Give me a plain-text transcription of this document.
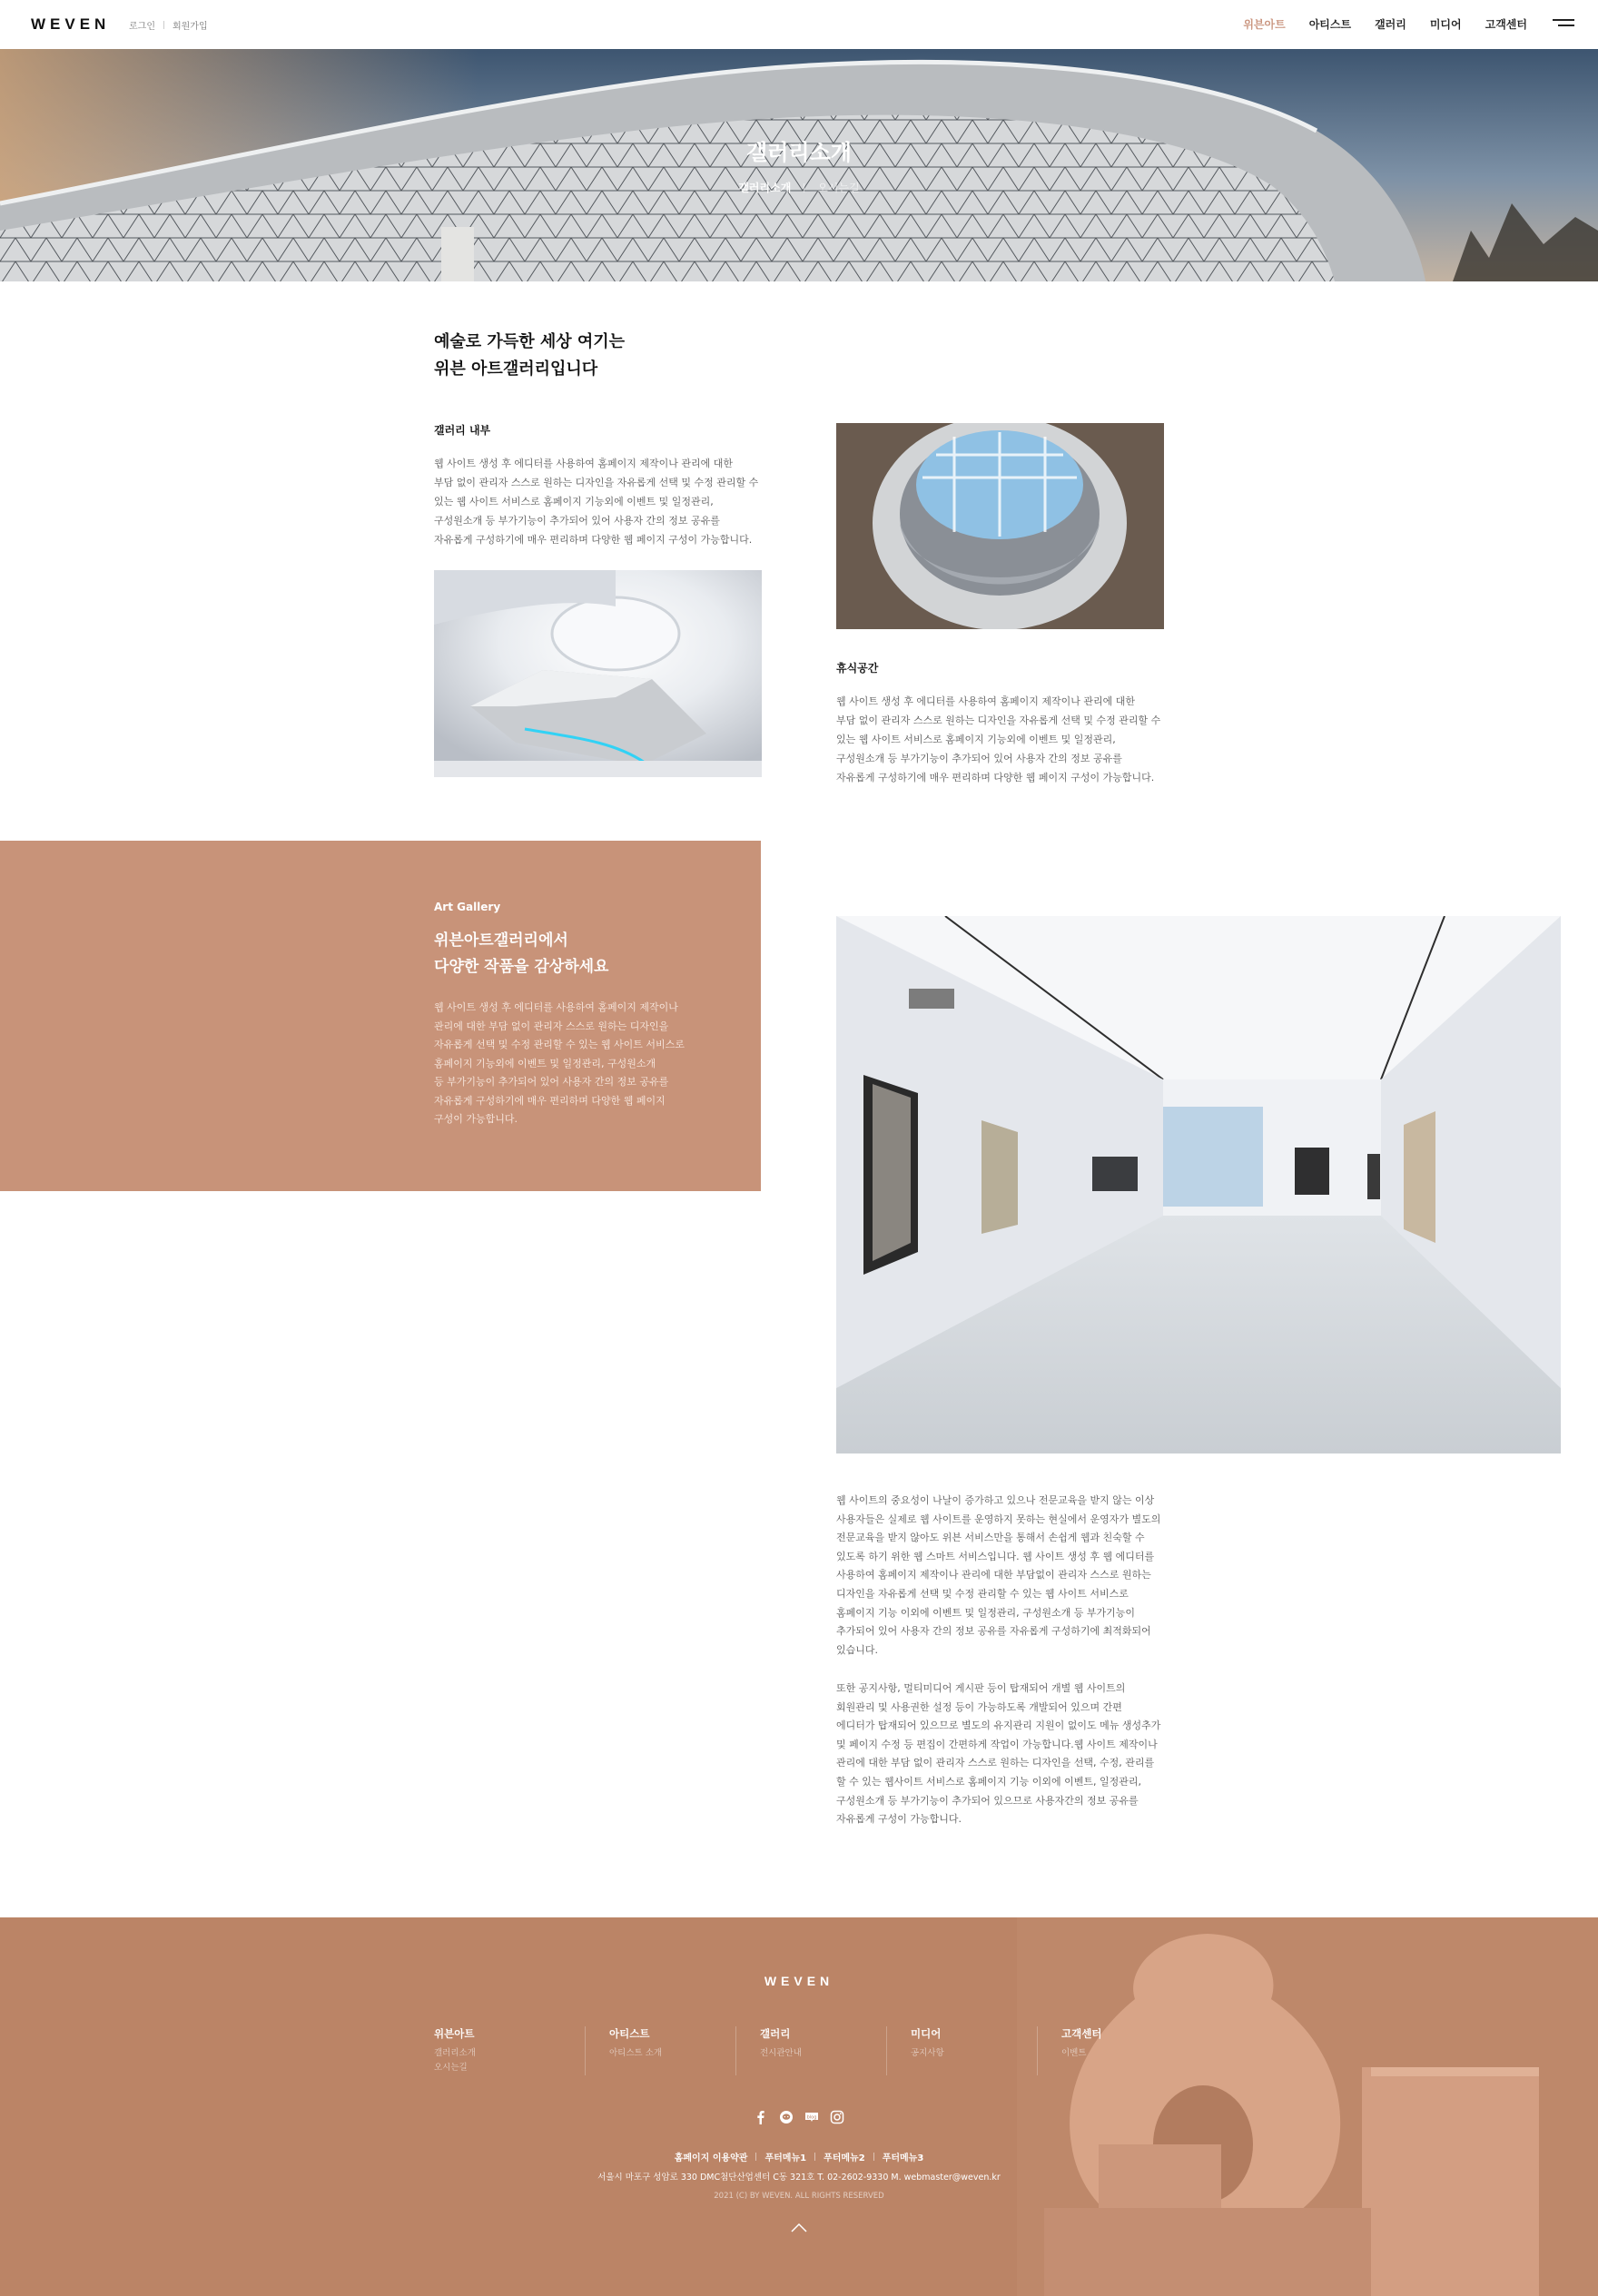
WEVEN 로그인 회원가입	위븐아트 아티스트 갤러리 미디어 고객센터
갤러리소개
갤러리소개 오시는길
예술로 가득한 세상 여기는
위븐 아트갤러리입니다
갤러리 내부
웹 사이트 생성 후 에디터를 사용하여 홈페이지 제작이나 관리에 대한
부담 없이 관리자 스스로 원하는 디자인을 자유롭게 선택 및 수정 관리할 수
있는 웹 사이트 서비스로 홈페이지 기능외에 이벤트 및 일정관리,
구성원소개 등 부가기능이 추가되어 있어 사용자 간의 정보 공유를
자유롭게 구성하기에 매우 편리하며 다양한 웹 페이지 구성이 가능합니다.
휴식공간
웹 사이트 생성 후 에디터를 사용하여 홈페이지 제작이나 관리에 대한
부담 없이 관리자 스스로 원하는 디자인을 자유롭게 선택 및 수정 관리할 수
있는 웹 사이트 서비스로 홈페이지 기능외에 이벤트 및 일정관리,
구성원소개 등 부가기능이 추가되어 있어 사용자 간의 정보 공유를
자유롭게 구성하기에 매우 편리하며 다양한 웹 페이지 구성이 가능합니다.
Art Gallery
위븐아트갤러리에서
다양한 작품을 감상하세요
웹 사이트 생성 후 에디터를 사용하여 홈페이지 제작이나
관리에 대한 부담 없이 관리자 스스로 원하는 디자인을
자유롭게 선택 및 수정 관리할 수 있는 웹 사이트 서비스로
홈페이지 기능외에 이벤트 및 일정관리, 구성원소개
등 부가기능이 추가되어 있어 사용자 간의 정보 공유를
자유롭게 구성하기에 매우 편리하며 다양한 웹 페이지
구성이 가능합니다.
웹 사이트의 중요성이 나날이 증가하고 있으나 전문교육을 받지 않는 이상
사용자들은 실제로 웹 사이트를 운영하지 못하는 현실에서 운영자가 별도의
전문교육을 받지 않아도 위븐 서비스만을 통해서 손쉽게 웹과 친숙할 수
있도록 하기 위한 웹 스마트 서비스입니다. 웹 사이트 생성 후 웹 에디터를
사용하여 홈페이지 제작이나 관리에 대한 부담없이 관리자 스스로 원하는
디자인을 자유롭게 선택 및 수정 관리할 수 있는 웹 사이트 서비스로
홈페이지 기능 이외에 이벤트 및 일정관리, 구성원소개 등 부가기능이
추가되어 있어 사용자 간의 정보 공유를 자유롭게 구성하기에 최적화되어
있습니다.
또한 공지사항, 멀티미디어 게시판 등이 탑재되어 개별 웹 사이트의
회원관리 및 사용권한 설정 등이 가능하도록 개발되어 있으며 간편
에디터가 탑재되어 있으므로 별도의 유지관리 지원이 없이도 메뉴 생성추가
및 페이지 수정 등 편집이 간편하게 작업이 가능합니다.웹 사이트 제작이나
관리에 대한 부담 없이 관리자 스스로 원하는 디자인을 선택, 수정, 관리를
할 수 있는 웹사이트 서비스로 홈페이지 기능 이외에 이벤트, 일정관리,
구성원소개 등 부가기능이 추가되어 있으므로 사용자간의 정보 공유를
자유롭게 구성이 가능합니다.
WEVEN
위븐아트
갤러리소개
오시는길
아티스트
아티스트 소개
갤러리
전시관안내
미디어
공지사항
고객센터
이벤트
blog
홈페이지 이용약관 푸터메뉴1 푸터메뉴2 푸터메뉴3
서울시 마포구 성암로 330 DMC첨단산업센터 C동 321호 T. 02-2602-9330 M. webmaster@weven.kr
2021 (C) BY WEVEN. ALL RIGHTS RESERVED
